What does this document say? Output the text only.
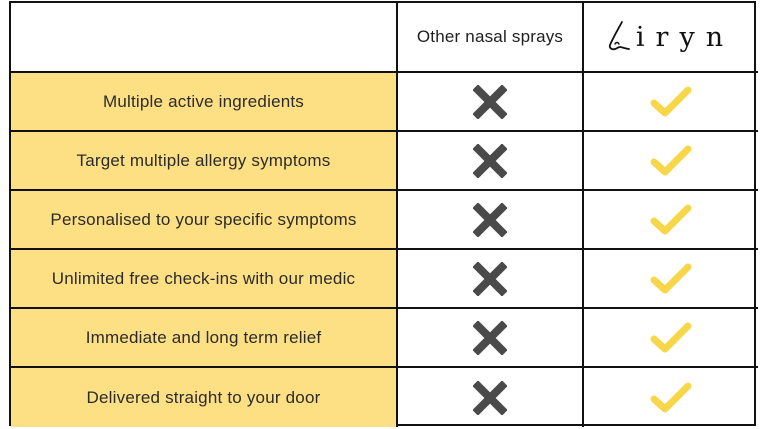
Other nasal sprays	iryn
Multiple active ingredients
Target multiple allergy symptoms
Personalised to your specific symptoms
Unlimited free check-ins with our medic
Immediate and long term relief
Delivered straight to your door
